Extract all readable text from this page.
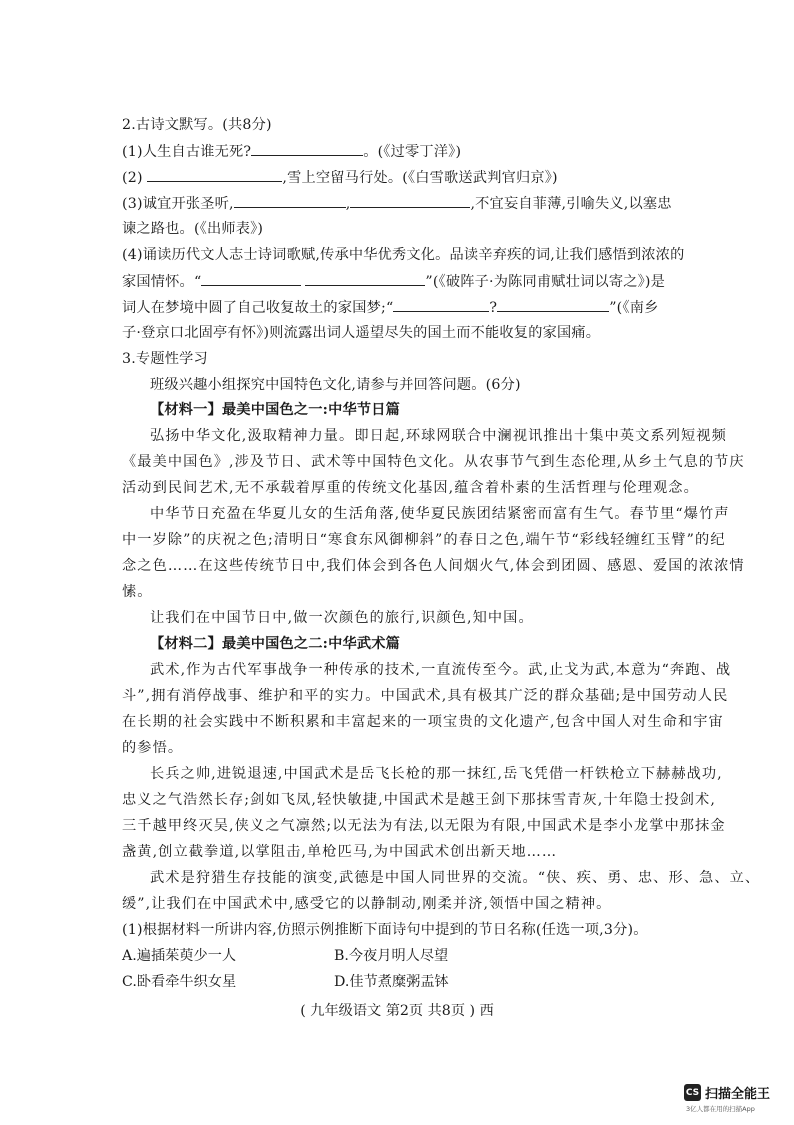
2.古诗文默写。(共8分)
(1)人生自古谁无死?	。(《过零丁洋》)
(2)	,雪上空留马行处。(《白雪歌送武判官归京》)
(3)诚宜开张圣听,	,	,不宜妄自菲薄,引喻失义,以塞忠
谏之路也。(《出师表》)
(4)诵读历代文人志士诗词歌赋,传承中华优秀文化。品读辛弃疾的词,让我们感悟到浓浓的
家国情怀。“	”(《破阵子·为陈同甫赋壮词以寄之》)是
词人在梦境中圆了自己收复故土的家国梦;“	?	”(《南乡
子·登京口北固亭有怀》)则流露出词人遥望尽失的国土而不能收复的家国痛。
3.专题性学习
班级兴趣小组探究中国特色文化,请参与并回答问题。(6分)
【材料一】最美中国色之一:中华节日篇
弘扬中华文化,汲取精神力量。即日起,环球网联合中澜视讯推出十集中英文系列短视频
《最美中国色》,涉及节日、武术等中国特色文化。从农事节气到生态伦理,从乡土气息的节庆
活动到民间艺术,无不承载着厚重的传统文化基因,蕴含着朴素的生活哲理与伦理观念。
中华节日充盈在华夏儿女的生活角落,使华夏民族团结紧密而富有生气。春节里“爆竹声
中一岁除”的庆祝之色;清明日“寒食东风御柳斜”的春日之色,端午节“彩线轻缠红玉臂”的纪
念之色……在这些传统节日中,我们体会到各色人间烟火气,体会到团圆、感恩、爱国的浓浓情
愫。
让我们在中国节日中,做一次颜色的旅行,识颜色,知中国。
【材料二】最美中国色之二:中华武术篇
武术,作为古代军事战争一种传承的技术,一直流传至今。武,止戈为武,本意为“奔跑、战
斗”,拥有消停战事、维护和平的实力。中国武术,具有极其广泛的群众基础;是中国劳动人民
在长期的社会实践中不断积累和丰富起来的一项宝贵的文化遗产,包含中国人对生命和宇宙
的参悟。
长兵之帅,进锐退速,中国武术是岳飞长枪的那一抹红,岳飞凭借一杆铁枪立下赫赫战功,
忠义之气浩然长存;剑如飞凤,轻快敏捷,中国武术是越王剑下那抹雪青灰,十年隐士投剑术,
三千越甲终灭吴,侠义之气凛然;以无法为有法,以无限为有限,中国武术是李小龙掌中那抹金
盏黄,创立截拳道,以掌阻击,单枪匹马,为中国武术创出新天地……
武术是狩猎生存技能的演变,武德是中国人同世界的交流。“侠、疾、勇、忠、形、急、立、
缓”,让我们在中国武术中,感受它的以静制动,刚柔并济,领悟中国之精神。
(1)根据材料一所讲内容,仿照示例推断下面诗句中提到的节日名称(任选一项,3分)。
A.遍插茱萸少一人	B.今夜月明人尽望
C.卧看牵牛织女星	D.佳节煮糜粥盂钵
( 九年级语文 第2页 共8页 ) 西
CS 扫描全能王
3亿人都在用的扫描App
